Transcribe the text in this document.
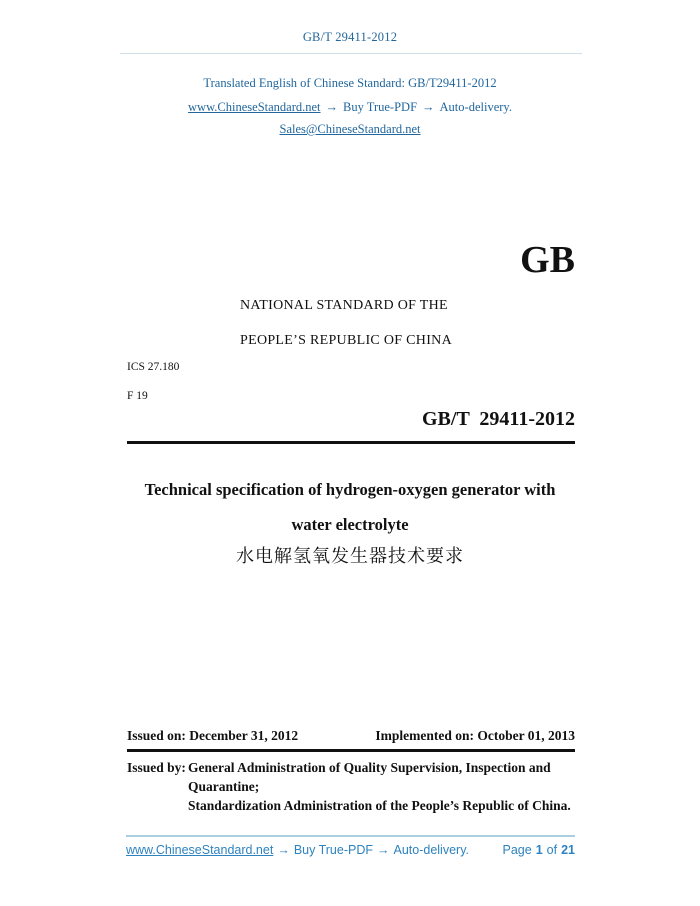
GB/T 29411-2012
Translated English of Chinese Standard: GB/T29411-2012
www.ChineseStandard.net → Buy True-PDF → Auto-delivery.
Sales@ChineseStandard.net
GB
NATIONAL STANDARD OF THE
PEOPLE’S REPUBLIC OF CHINA
ICS 27.180
F 19
GB/T  29411-2012
Technical specification of hydrogen-oxygen generator with
water electrolyte
水电解氢氧发生器技术要求
Issued on: December 31, 2012	Implemented on: October 01, 2013
Issued by: General Administration of Quality Supervision, Inspection and
Quarantine;
Standardization Administration of the People’s Republic of China.
www.ChineseStandard.net → Buy True-PDF → Auto-delivery.	Page 1 of 21
